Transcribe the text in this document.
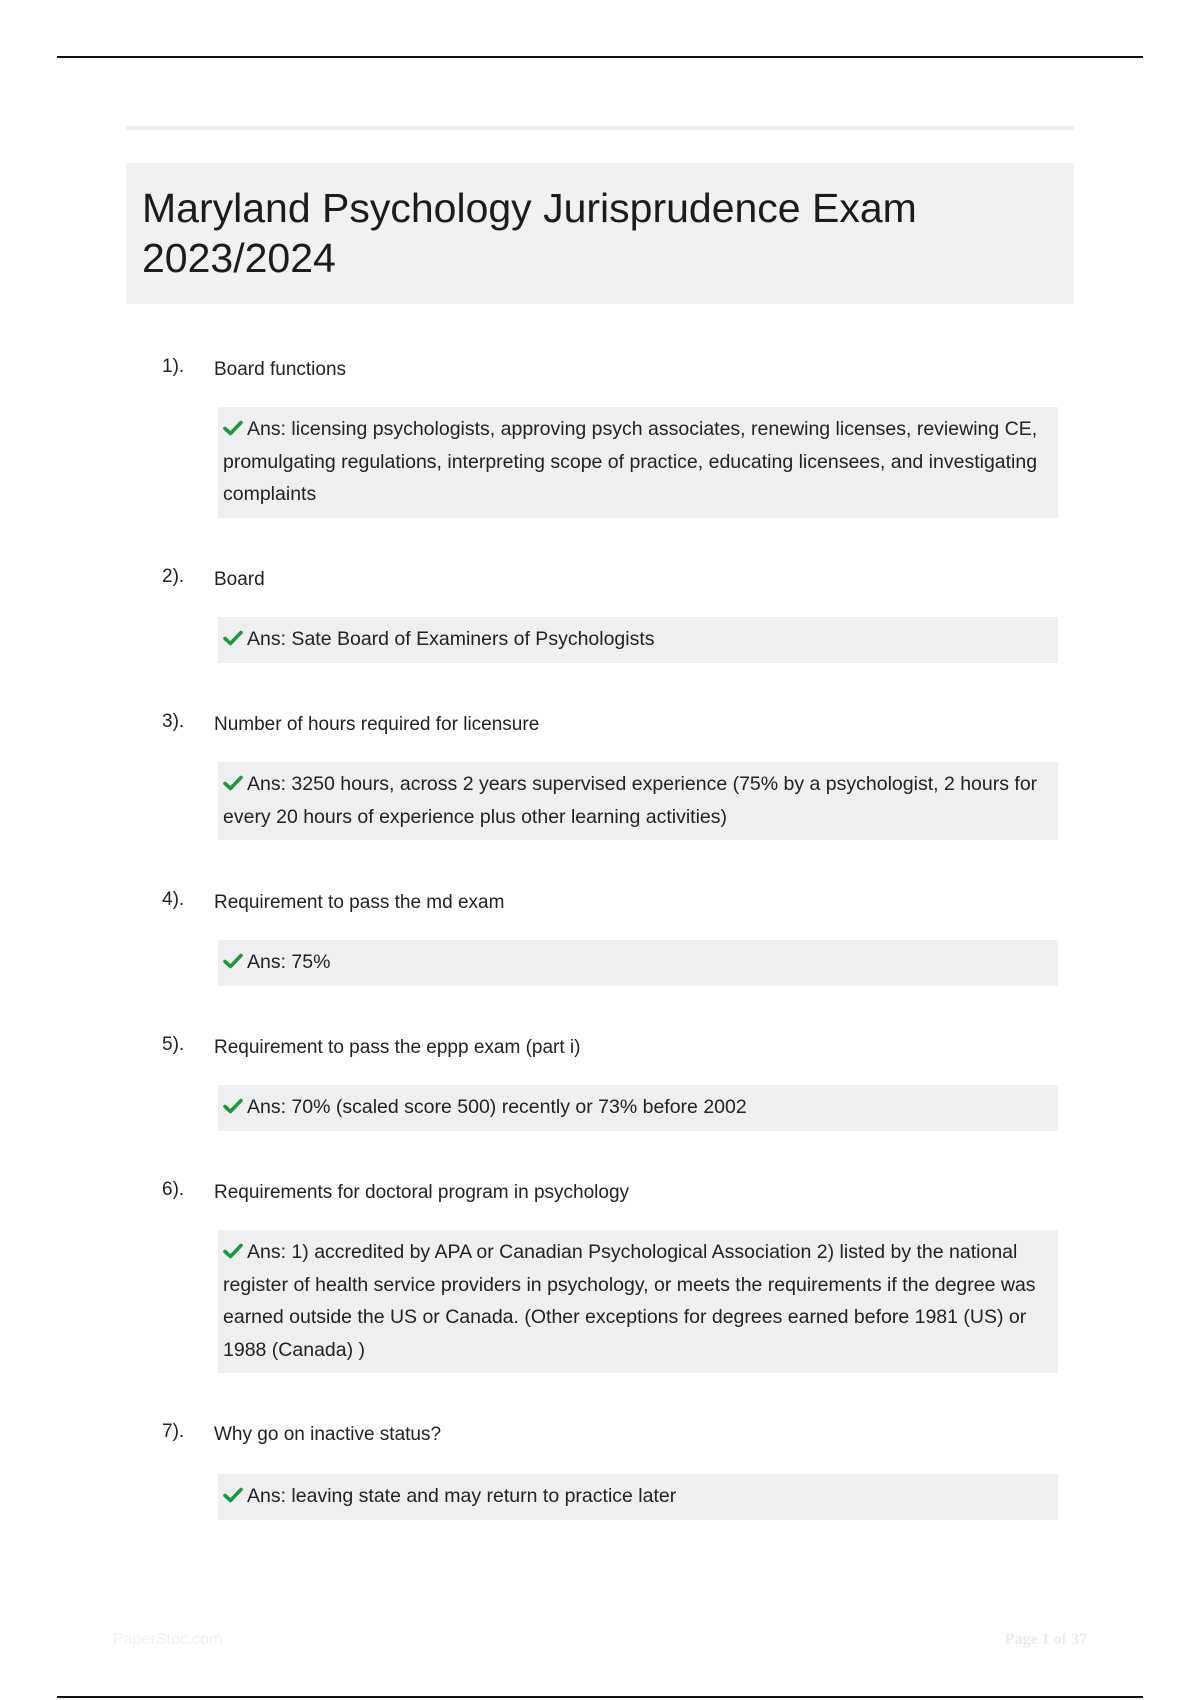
Maryland Psychology Jurisprudence Exam 2023/2024
1). Board functions
Ans: licensing psychologists, approving psych associates, renewing licenses, reviewing CE, promulgating regulations, interpreting scope of practice, educating licensees, and investigating complaints
2). Board
Ans: Sate Board of Examiners of Psychologists
3). Number of hours required for licensure
Ans: 3250 hours, across 2 years supervised experience (75% by a psychologist, 2 hours for every 20 hours of experience plus other learning activities)
4). Requirement to pass the md exam
Ans: 75%
5). Requirement to pass the eppp exam (part i)
Ans: 70% (scaled score 500) recently or 73% before 2002
6). Requirements for doctoral program in psychology
Ans: 1) accredited by APA or Canadian Psychological Association 2) listed by the national register of health service providers in psychology, or meets the requirements if the degree was earned outside the US or Canada. (Other exceptions for degrees earned before 1981 (US) or 1988 (Canada) )
7). Why go on inactive status?
Ans: leaving state and may return to practice later
PaperStoc.com	Page 1 of 37
